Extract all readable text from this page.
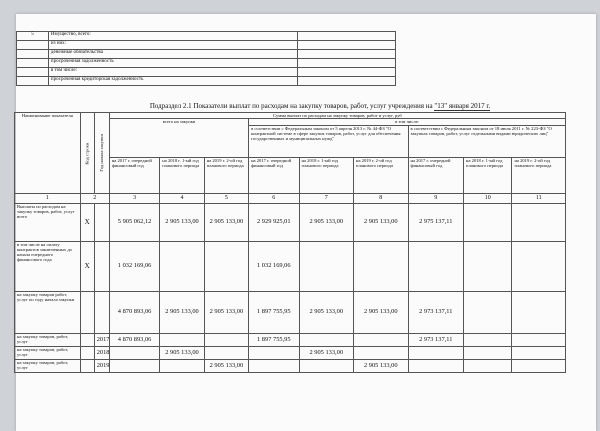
5	Имущество, всего:	
	из них:	
	денежные обязательства	
	просроченная задолженность	
	в том числе:	
	просроченная кредиторская задолженность	
Подраздел 2.1 Показатели выплат по расходам на закупку товаров, работ, услуг учреждения на "13" января 2017 г.
Наименование показателя	Код строки	Год начала закупки	Сумма выплат по расходам на закупку товаров, работ и услуг, руб								
			всего на закупки			в том числе:					
						в соответствии с Федеральным законом от 5 апреля 2013 г. № 44-ФЗ "О контрактной системе в сфере закупок товаров, работ, услуг для обеспечения государственных и муниципальных нужд"			в соответствии с Федеральным законом от 18 июля 2011 г. № 223-ФЗ "О закупках товаров, работ, услуг отдельными видами юридических лиц"		
			на 2017 г. очередной финансовый год	на 2018 г. 1-ый год планового периода	на 2019 г. 2-ой год планового периода	на 2017 г. очередной финансовый год	на 2018 г. 1-ый год планового периода	на 2019 г. 2-ой год планового периода	на 2017 г. очередной финансовый год	на 2018 г. 1-ый год планового периода	на 2019 г. 2-ой год планового периода
1	2		3	4	5	6	7	8	9	10	11
Выплаты по расходам на закупку товаров, работ, услуг всего	X		5 905 062,12	2 905 133,00	2 905 133,00	2 929 925,01	2 905 133,00	2 905 133,00	2 975 137,11		
в том числе на оплату контрактов заключенных до начала очередного финансового года	X		1 032 169,06			1 032 169,06					
на закупку товаров работ, услуг по году начала закупки			4 870 893,06	2 905 133,00	2 905 133,00	1 897 755,95	2 905 133,00	2 905 133,00	2 973 137,11		
на закупку товаров, работ, услуг		2017	4 870 893,06			1 897 755,95			2 973 137,11		
на закупку товаров, работ, услуг		2018		2 905 133,00			2 905 133,00				
на закупку товаров, работ, услуг		2019			2 905 133,00			2 905 133,00			
